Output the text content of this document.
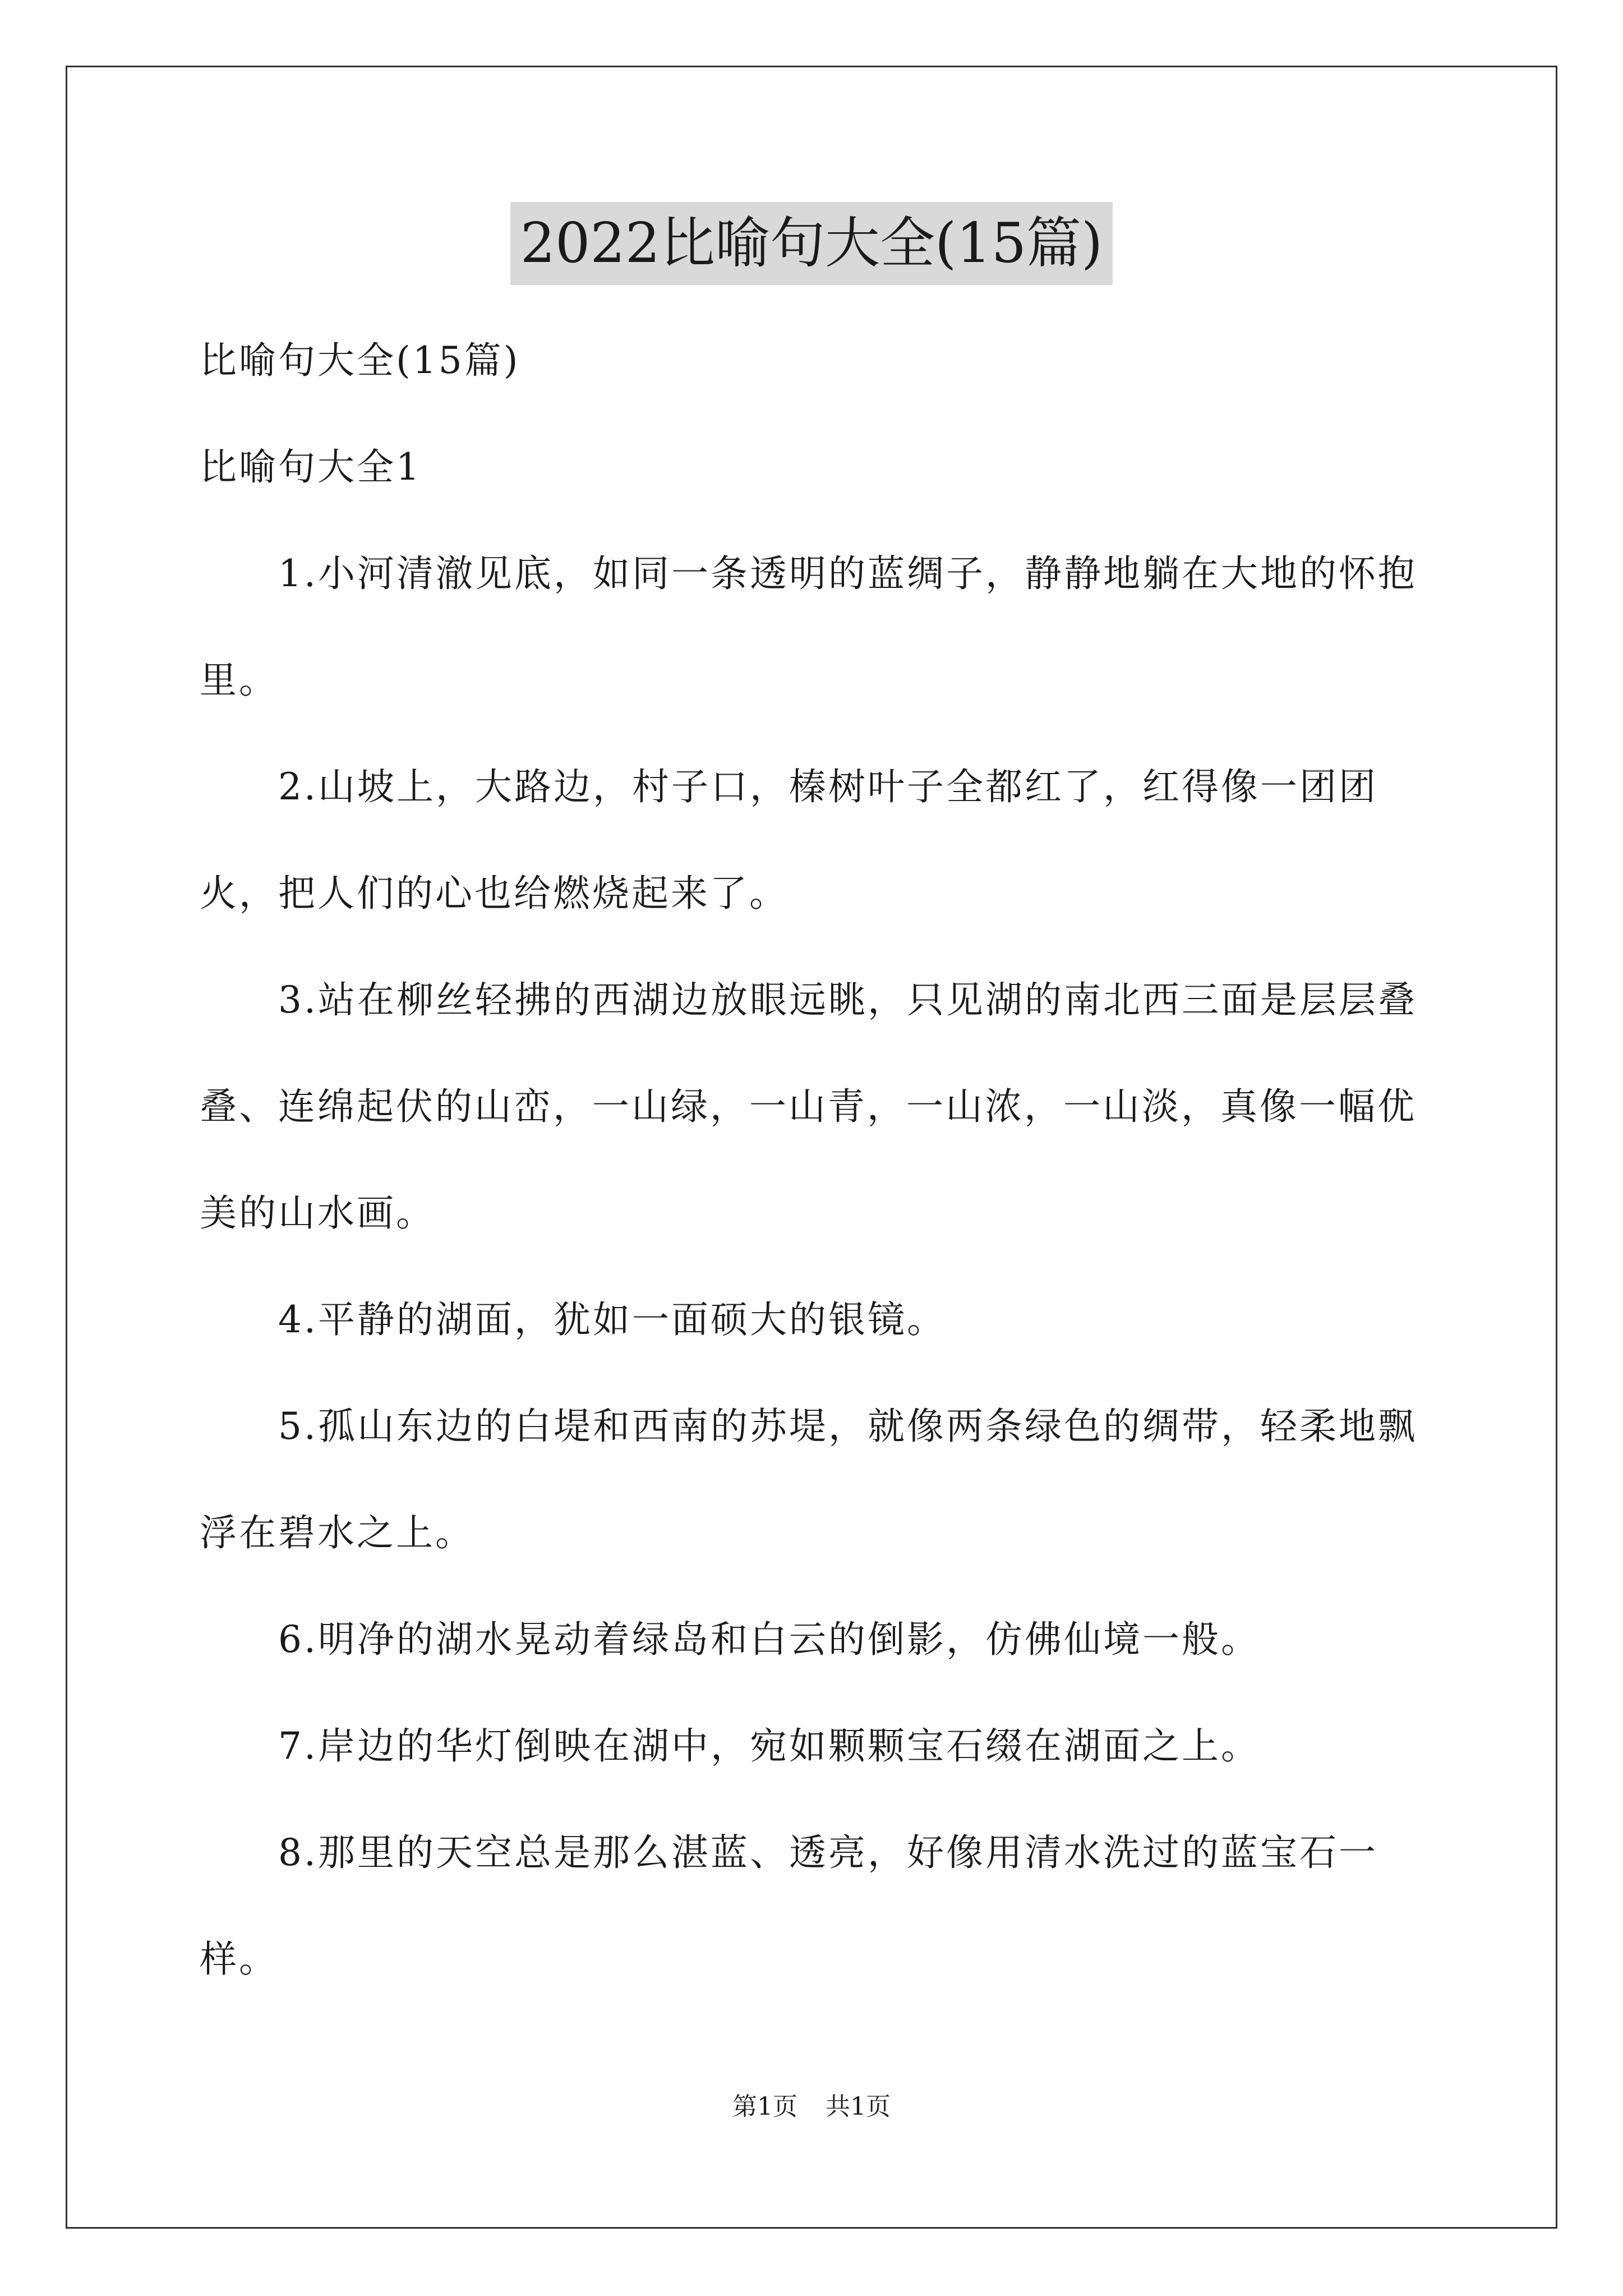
2022比喻句大全(15篇)

比喻句大全(15篇)

比喻句大全1

1.小河清澈见底，如同一条透明的蓝绸子，静静地躺在大地的怀抱里。

2.山坡上，大路边，村子口，榛树叶子全都红了，红得像一团团火，把人们的心也给燃烧起来了。

3.站在柳丝轻拂的西湖边放眼远眺，只见湖的南北西三面是层层叠叠、连绵起伏的山峦，一山绿，一山青，一山浓，一山淡，真像一幅优美的山水画。

4.平静的湖面，犹如一面硕大的银镜。

5.孤山东边的白堤和西南的苏堤，就像两条绿色的绸带，轻柔地飘浮在碧水之上。

6.明净的湖水晃动着绿岛和白云的倒影，仿佛仙境一般。

7.岸边的华灯倒映在湖中，宛如颗颗宝石缀在湖面之上。

8.那里的天空总是那么湛蓝、透亮，好像用清水洗过的蓝宝石一样。

第1页 共1页
